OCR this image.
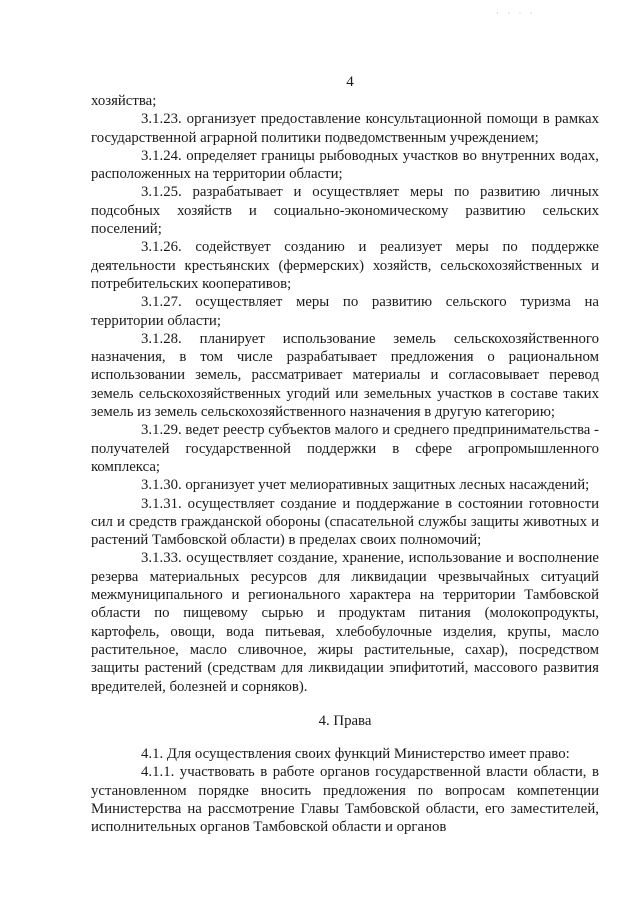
· · · ·
4

хозяйства;

3.1.23. организует предоставление консультационной помощи в рамках государственной аграрной политики подведомственным учреждением;

3.1.24. определяет границы рыбоводных участков во внутренних водах, расположенных на территории области;

3.1.25. разрабатывает и осуществляет меры по развитию личных подсобных хозяйств и социально-экономическому развитию сельских поселений;

3.1.26. содействует созданию и реализует меры по поддержке деятельности крестьянских (фермерских) хозяйств, сельскохозяйственных и потребительских кооперативов;

3.1.27. осуществляет меры по развитию сельского туризма на территории области;

3.1.28. планирует использование земель сельскохозяйственного назначения, в том числе разрабатывает предложения о рациональном использовании земель, рассматривает материалы и согласовывает перевод земель сельскохозяйственных угодий или земельных участков в составе таких земель из земель сельскохозяйственного назначения в другую категорию;

3.1.29. ведет реестр субъектов малого и среднего предпринимательства - получателей государственной поддержки в сфере агропромышленного комплекса;

3.1.30. организует учет мелиоративных защитных лесных насаждений;

3.1.31. осуществляет создание и поддержание в состоянии готовности сил и средств гражданской обороны (спасательной службы защиты животных и растений Тамбовской области) в пределах своих полномочий;

3.1.33. осуществляет создание, хранение, использование и восполнение резерва материальных ресурсов для ликвидации чрезвычайных ситуаций межмуниципального и регионального характера на территории Тамбовской области по пищевому сырью и продуктам питания (молокопродукты, картофель, овощи, вода питьевая, хлебобулочные изделия, крупы, масло растительное, масло сливочное, жиры растительные, сахар), посредством защиты растений (средствам для ликвидации эпифитотий, массового развития вредителей, болезней и сорняков).

4. Права

4.1. Для осуществления своих функций Министерство имеет право:

4.1.1. участвовать в работе органов государственной власти области, в установленном порядке вносить предложения по вопросам компетенции Министерства на рассмотрение Главы Тамбовской области, его заместителей, исполнительных органов Тамбовской области и органов
